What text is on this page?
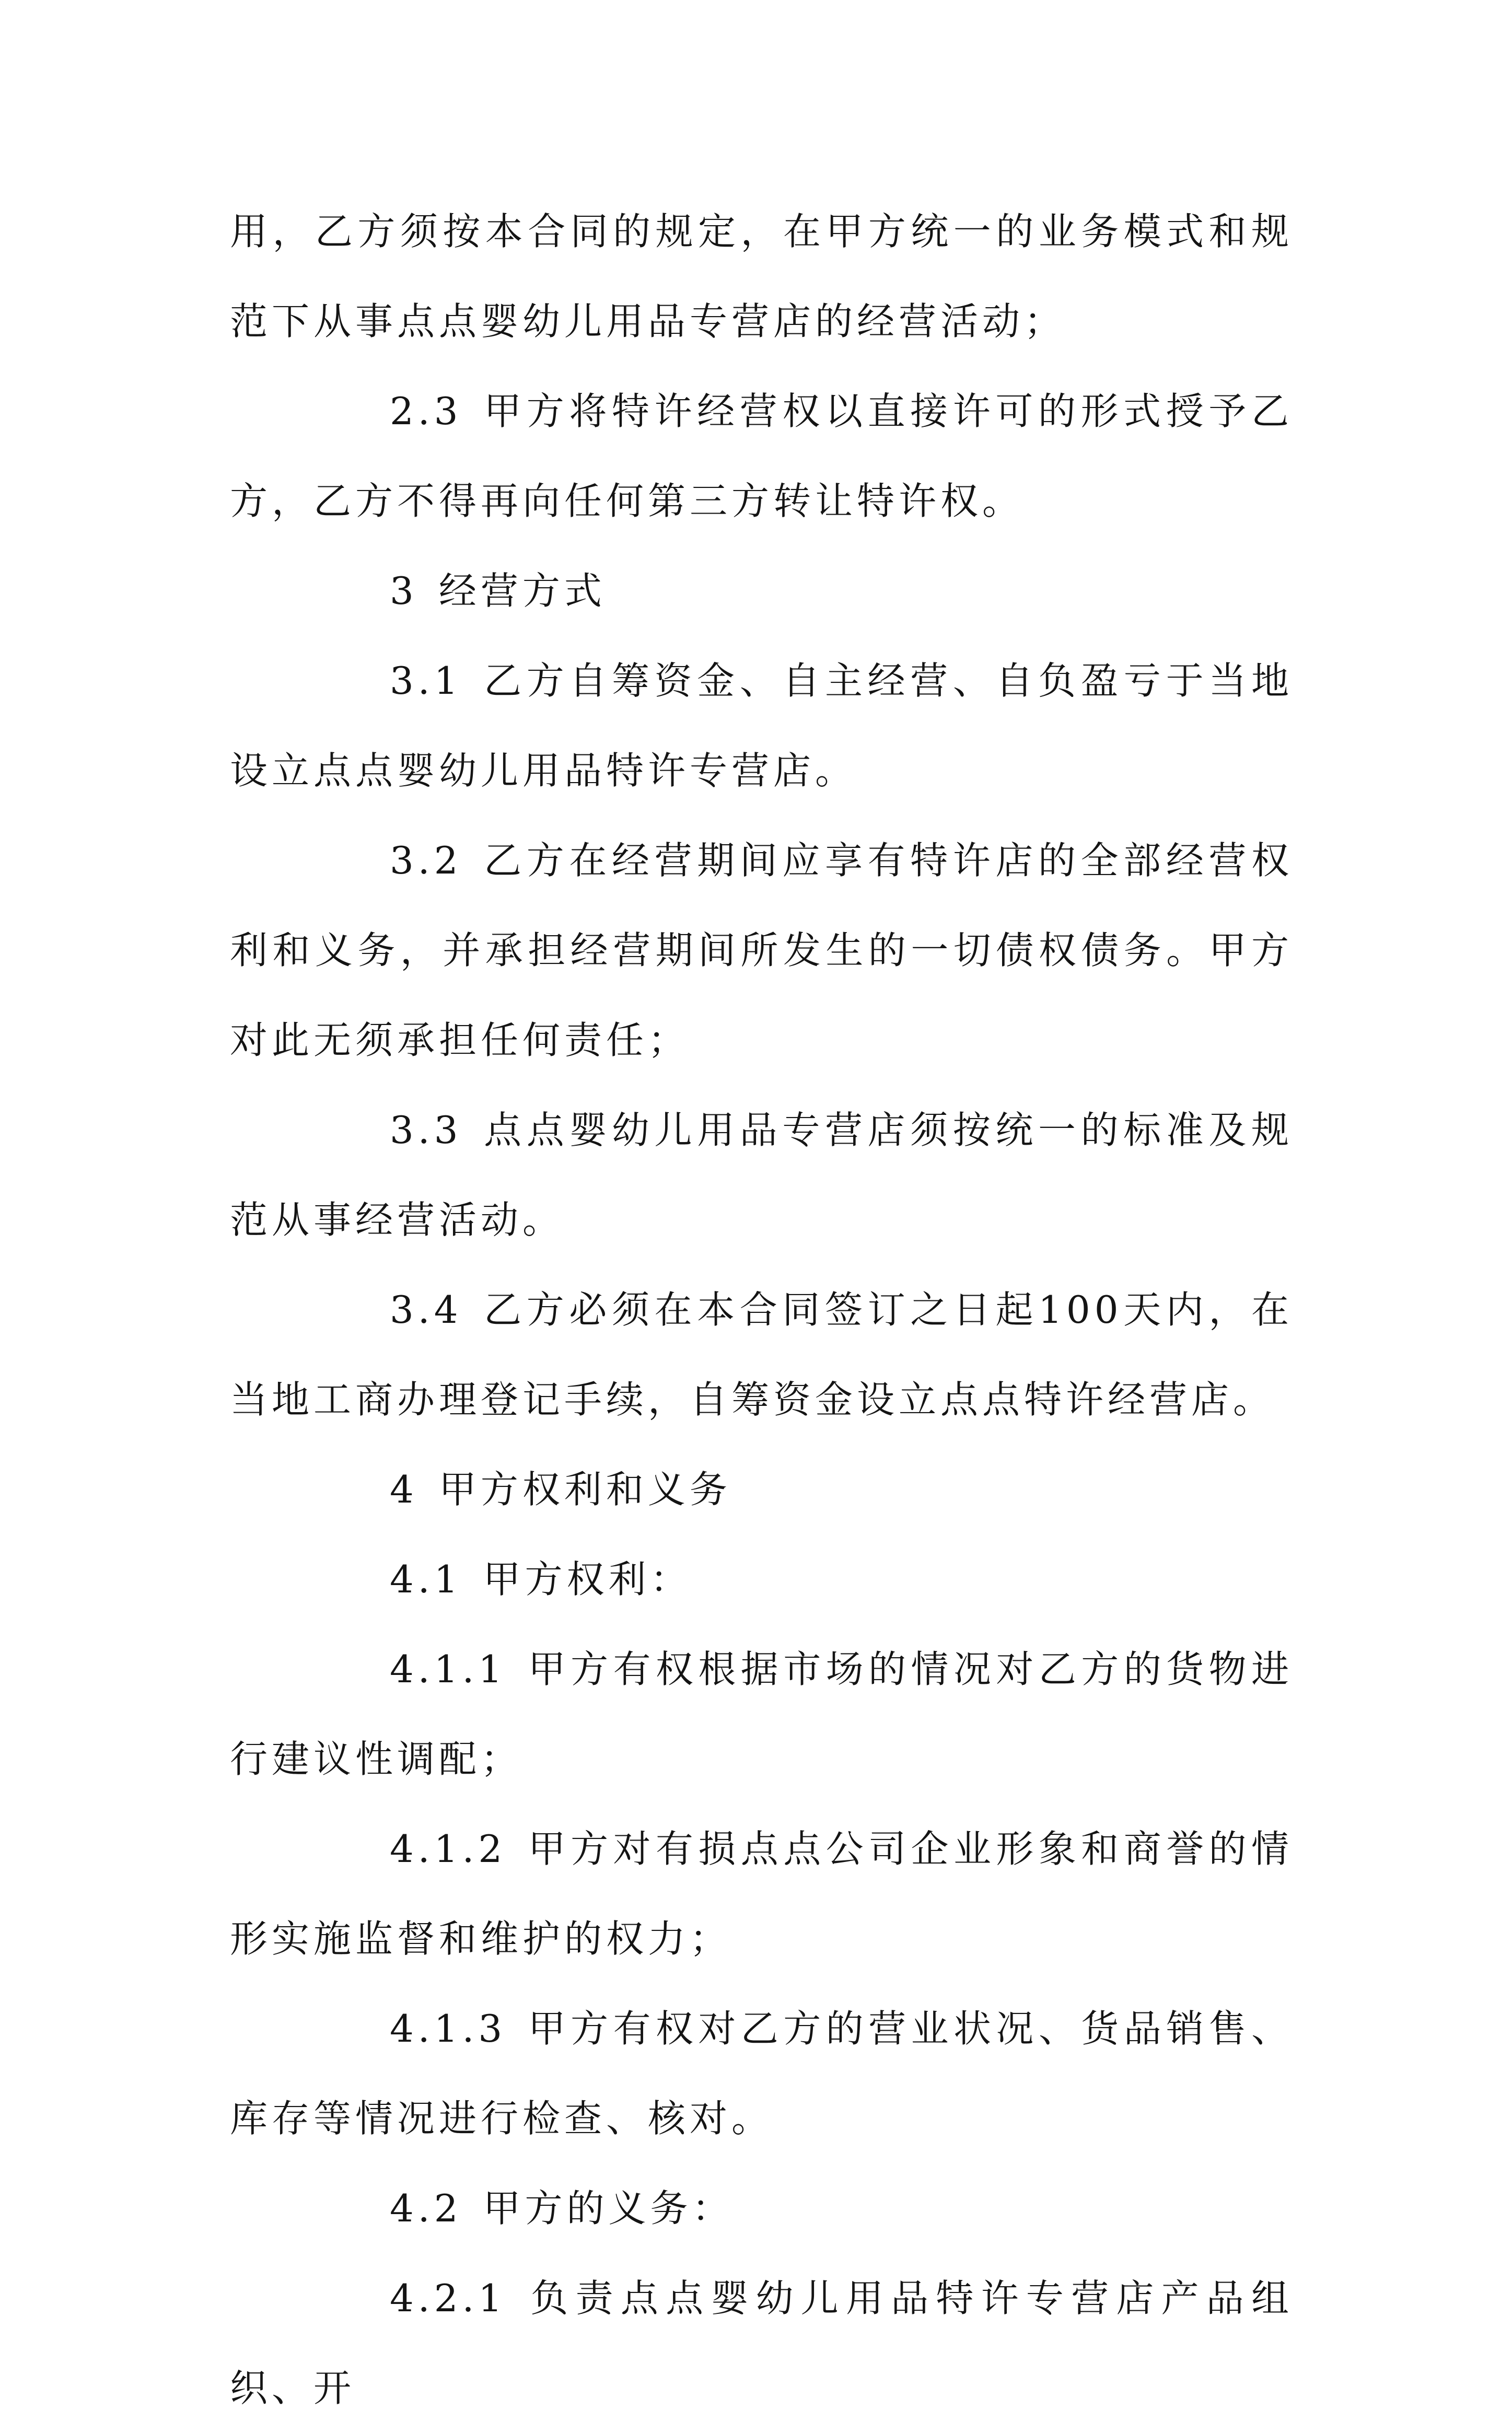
用，乙方须按本合同的规定，在甲方统一的业务模式和规范下从事点点婴幼儿用品专营店的经营活动；

2.3 甲方将特许经营权以直接许可的形式授予乙方，乙方不得再向任何第三方转让特许权。

3 经营方式

3.1 乙方自筹资金、自主经营、自负盈亏于当地设立点点婴幼儿用品特许专营店。

3.2 乙方在经营期间应享有特许店的全部经营权利和义务，并承担经营期间所发生的一切债权债务。甲方对此无须承担任何责任；

3.3 点点婴幼儿用品专营店须按统一的标准及规范从事经营活动。

3.4 乙方必须在本合同签订之日起100天内，在当地工商办理登记手续，自筹资金设立点点特许经营店。

4 甲方权利和义务

4.1 甲方权利：

4.1.1 甲方有权根据市场的情况对乙方的货物进行建议性调配；

4.1.2 甲方对有损点点公司企业形象和商誉的情形实施监督和维护的权力；

4.1.3 甲方有权对乙方的营业状况、货品销售、库存等情况进行检查、核对。

4.2 甲方的义务：

4.2.1 负责点点婴幼儿用品特许专营店产品组织、开
